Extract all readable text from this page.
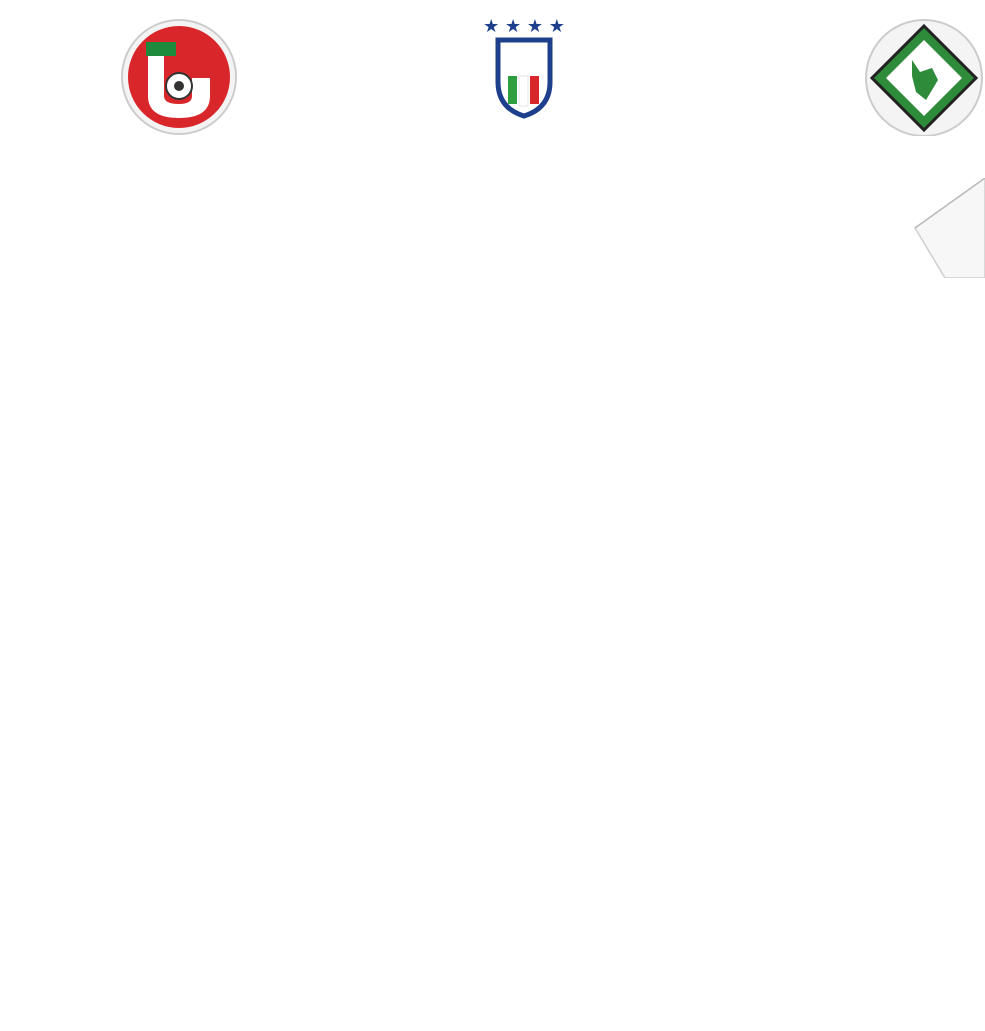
★ ★ ★ ★
